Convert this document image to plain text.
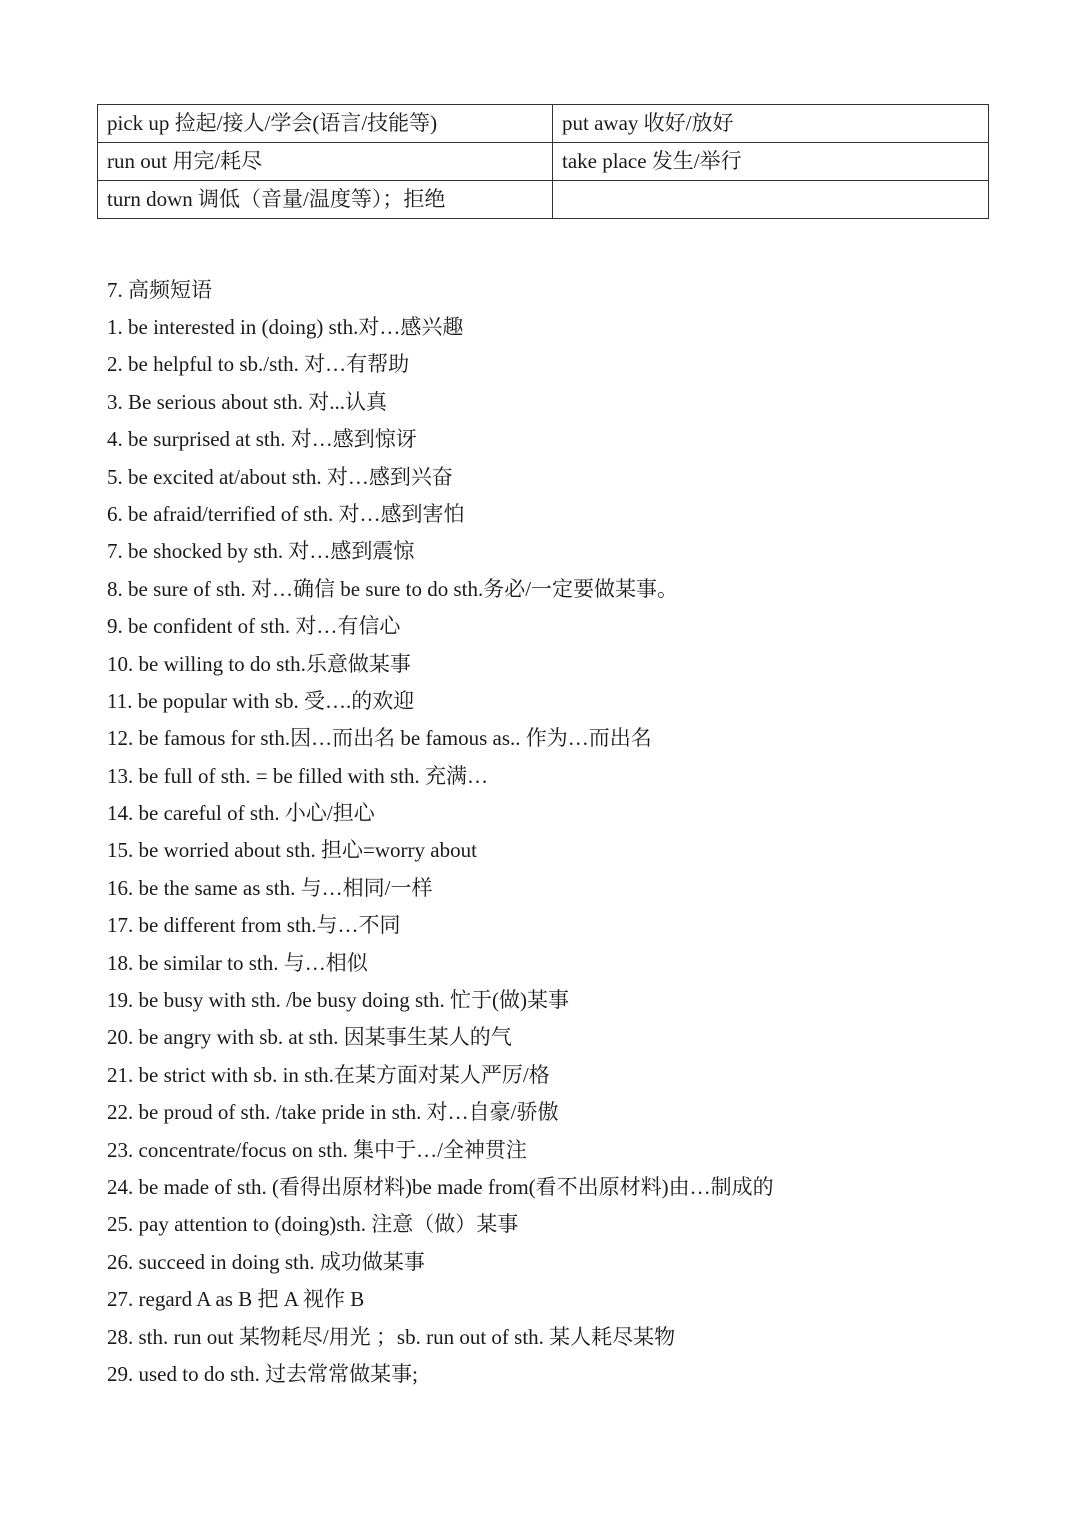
pick up 捡起/接人/学会(语言/技能等)	put away 收好/放好
run out 用完/耗尽	take place 发生/举行
turn down 调低（音量/温度等）；拒绝	

7. 高频短语

1. be interested in (doing) sth.对…感兴趣
2. be helpful to sb./sth. 对…有帮助
3. Be serious about sth. 对...认真
4. be surprised at sth. 对…感到惊讶
5. be excited at/about sth. 对…感到兴奋
6. be afraid/terrified of sth. 对…感到害怕
7. be shocked by sth. 对…感到震惊
8. be sure of sth. 对…确信 be sure to do sth.务必/一定要做某事。
9. be confident of sth. 对…有信心
10. be willing to do sth.乐意做某事
11. be popular with sb. 受….的欢迎
12. be famous for sth.因…而出名 be famous as.. 作为…而出名
13. be full of sth. = be filled with sth. 充满…
14. be careful of sth. 小心/担心
15. be worried about sth. 担心=worry about
16. be the same as sth. 与…相同/一样
17. be different from sth.与…不同
18. be similar to sth. 与…相似
19. be busy with sth. /be busy doing sth. 忙于(做)某事
20. be angry with sb. at sth. 因某事生某人的气
21. be strict with sb. in sth.在某方面对某人严厉/格
22. be proud of sth. /take pride in sth. 对…自豪/骄傲
23. concentrate/focus on sth. 集中于…/全神贯注
24. be made of sth. (看得出原材料)be made from(看不出原材料)由…制成的
25. pay attention to (doing)sth. 注意（做）某事
26. succeed in doing sth. 成功做某事
27. regard A as B 把 A 视作 B
28. sth. run out 某物耗尽/用光 ；sb. run out of sth. 某人耗尽某物
29. used to do sth. 过去常常做某事;
